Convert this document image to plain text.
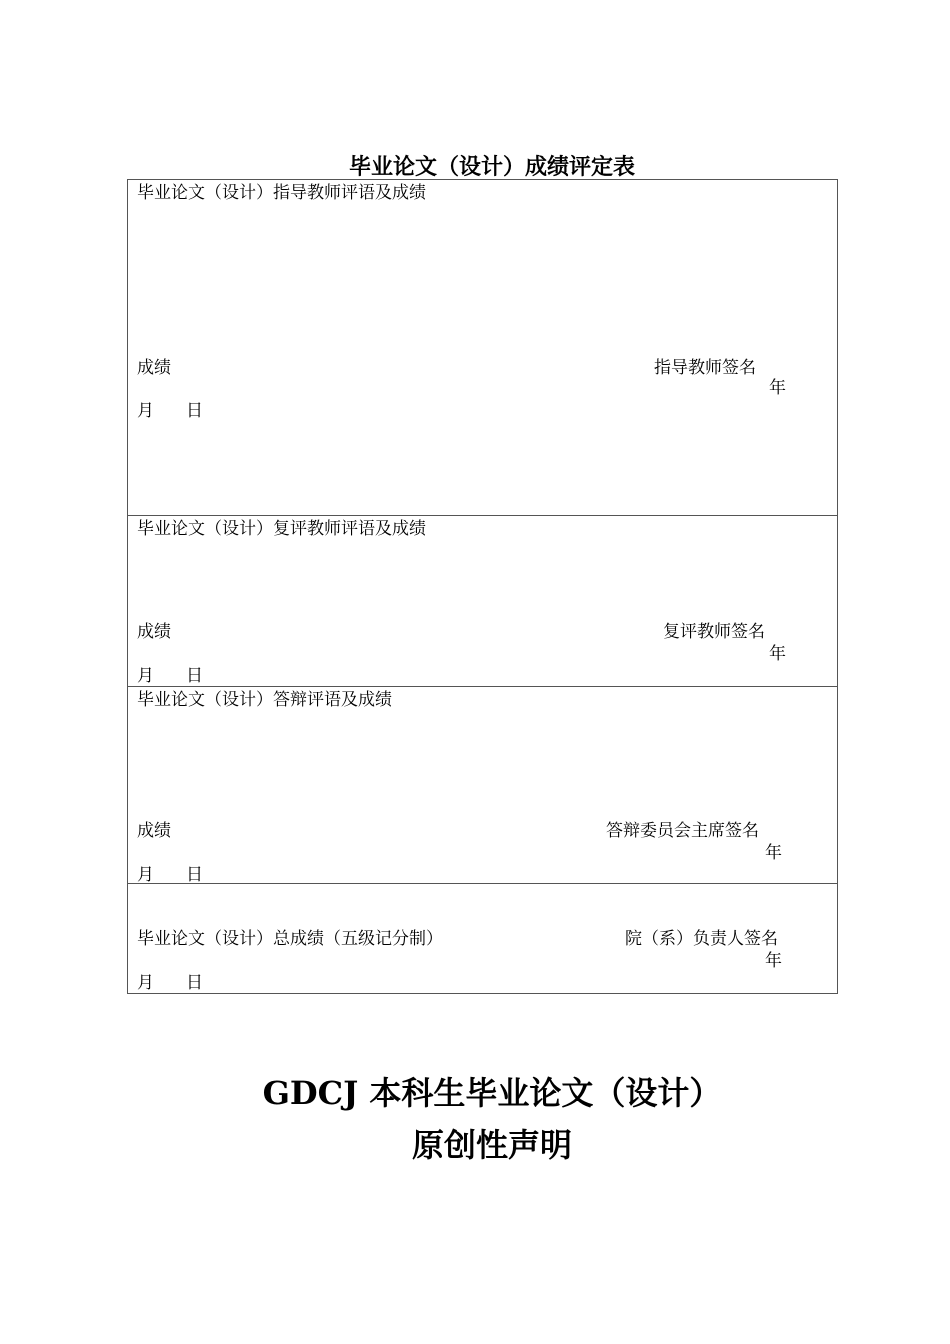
毕业论文（设计）成绩评定表
毕业论文（设计）指导教师评语及成绩
成绩	指导教师签名
年
月 日
毕业论文（设计）复评教师评语及成绩
成绩	复评教师签名
年
月 日
毕业论文（设计）答辩评语及成绩
成绩	答辩委员会主席签名
年
月 日
毕业论文（设计）总成绩（五级记分制）	院（系）负责人签名
年
月 日
GDCJ 本科生毕业论文（设计）
原创性声明
